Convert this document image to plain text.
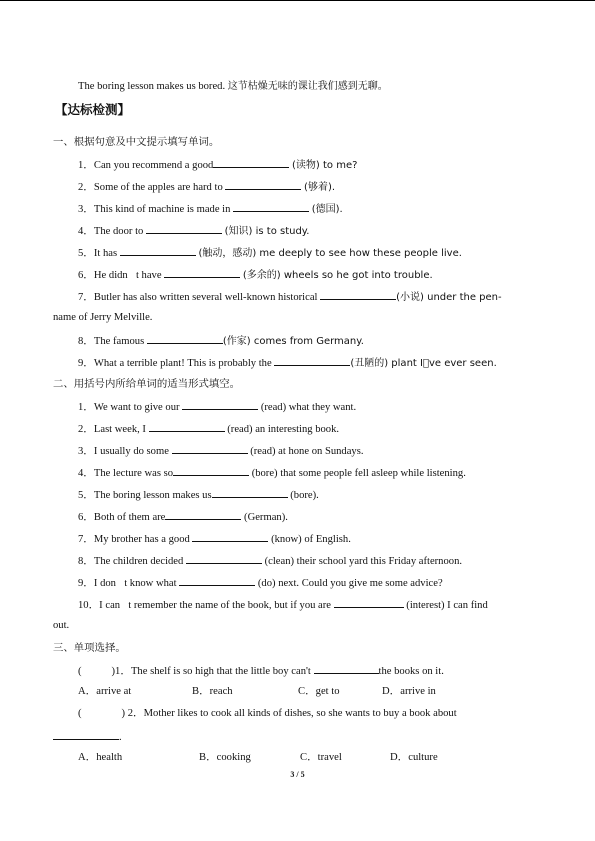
The boring lesson makes us bored. 这节枯燥无味的课让我们感到无聊。
【达标检测】
一、根据句意及中文提示填写单词。
1．Can you recommend a good	(读物) to me?
2．Some of the apples are hard to	(够着).
3．This kind of machine is made in	(德国).
4．The door to	(知识) is to study.
5．It has	(触动，感动) me deeply to see how these people live.
6．He didn t have	(多余的) wheels so he got into trouble.
7．Butler has also written several well-known historical	(小说) under the pen-
name of Jerry Melville.
8．The famous	(作家) comes from Germany.
9．What a terrible plant! This is probably the	(丑陋的) plant I ve ever seen.
二、用括号内所给单词的适当形式填空。
1．We want to give our	(read) what they want.
2．Last week, I	(read) an interesting book.
3．I usually do some	(read) at hone on Sundays.
4．The lecture was so	(bore) that some people fell asleep while listening.
5．The boring lesson makes us	(bore).
6．Both of them are	(German).
7．My brother has a good	(know) of English.
8．The children decided	(clean) their school yard this Friday afternoon.
9．I don t know what	(do) next. Could you give me some advice?
10．I can t remember the name of the book, but if you are	(interest) I can find
out.
三、单项选择。
(	)1．The shelf is so high that the little boy can't	the books on it.
A．arrive at	B．reach	C．get to	D．arrive in
(	) 2．Mother likes to cook all kinds of dishes, so she wants to buy a book about
.
A．health	B．cooking	C．travel	D．culture
3 / 5
